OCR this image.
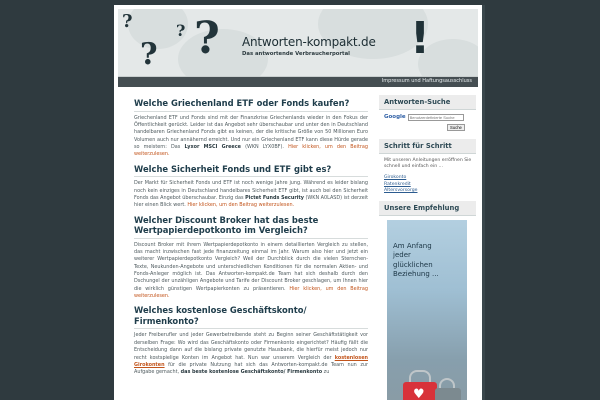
?
?
? ? Antworten-kompakt.de
Das antwortende Verbraucherportal !
Impressum und Haftungsausschluss
Welche Griechenland ETF oder Fonds kaufen?

Griechenland ETF und Fonds sind mit der Finanzkrise Griechenlands wieder in den Fokus der Öffentlichkeit gerückt. Leider ist das Angebot sehr überschaubar und unter den in Deutschland handelbaren Griechenland Fonds gibt es keinen, der die kritische Größe von 50 Millionen Euro Volumen auch nur annähernd erreicht. Und nur ein Griechenland ETF kann diese Hürde gerade so meistern: Das Lyxor MSCI Greece (WKN LYX0BF). Hier klicken, um den Beitrag weiterzulesen.

Welche Sicherheit Fonds und ETF gibt es?

Der Markt für Sicherheit Fonds und ETF ist noch wenige Jahre jung. Während es leider bislang noch kein einziges in Deutschland handelbares Sicherheit ETF gibt, ist auch bei den Sicherheit Fonds das Angebot überschaubar. Einzig das Pictet Funds Security (WKN A0LASD) ist derzeit hier einen Blick wert. Hier klicken, um den Beitrag weiterzulesen.

Welcher Discount Broker hat das beste Wertpapierdepotkonto im Vergleich?

Discount Broker mit ihrem Wertpapierdepotkonto in einem detaillierten Vergleich zu stellen, das macht inzwischen fast jede finanzzeitung einmal im Jahr. Warum also hier und jetzt ein weiterer Wertpapierdepotkonto Vergleich? Weil der Durchblick durch die vielen Sternchen-Texte, Neukunden-Angebote und unterschiedlichen Konditionen für die normalen Aktien- und Fonds-Anleger möglich ist. Das Antworten-kompakt.de Team hat sich deshalb durch den Dschungel der unzähligen Angebote und Tarife der Discount Broker geschlagen, um Ihnen hier die wirklich günstigen Wertpapierkonten zu präsentieren. Hier klicken, um den Beitrag weiterzulesen.

Welches kostenlose Geschäftskonto/ Firmenkonto?

Jeder Freiberufler und jeder Gewerbetreibende steht zu Beginn seiner Geschäftstätigkeit vor derselben Frage: Wo wird das Geschäftskonto oder Firmenkonto eingerichtet? Häufig fällt die Entscheidung dann auf die bislang private genutzte Hausbank, die hierfür meist jedoch nur recht kostspielige Konten im Angebot hat. Nun war unserem Vergleich der kostenlosen Girokonten für die private Nutzung hat sich das Antworten-kompakt.de Team nun zur Aufgabe gemacht, das beste kostenlose Geschäftskonto/ Firmenkonto zu

Antworten-Suche
Google
Benutzerdefinierte Suche
Suche
Schritt für Schritt

Mit unseren Anleitungen erröffnen Sie schnell und einfach ein ...

Girokonto
Ratenkredit
Altersvorsorge
Unsere Empfehlung
Am Anfang jeder glücklichen Beziehung ...
♥
